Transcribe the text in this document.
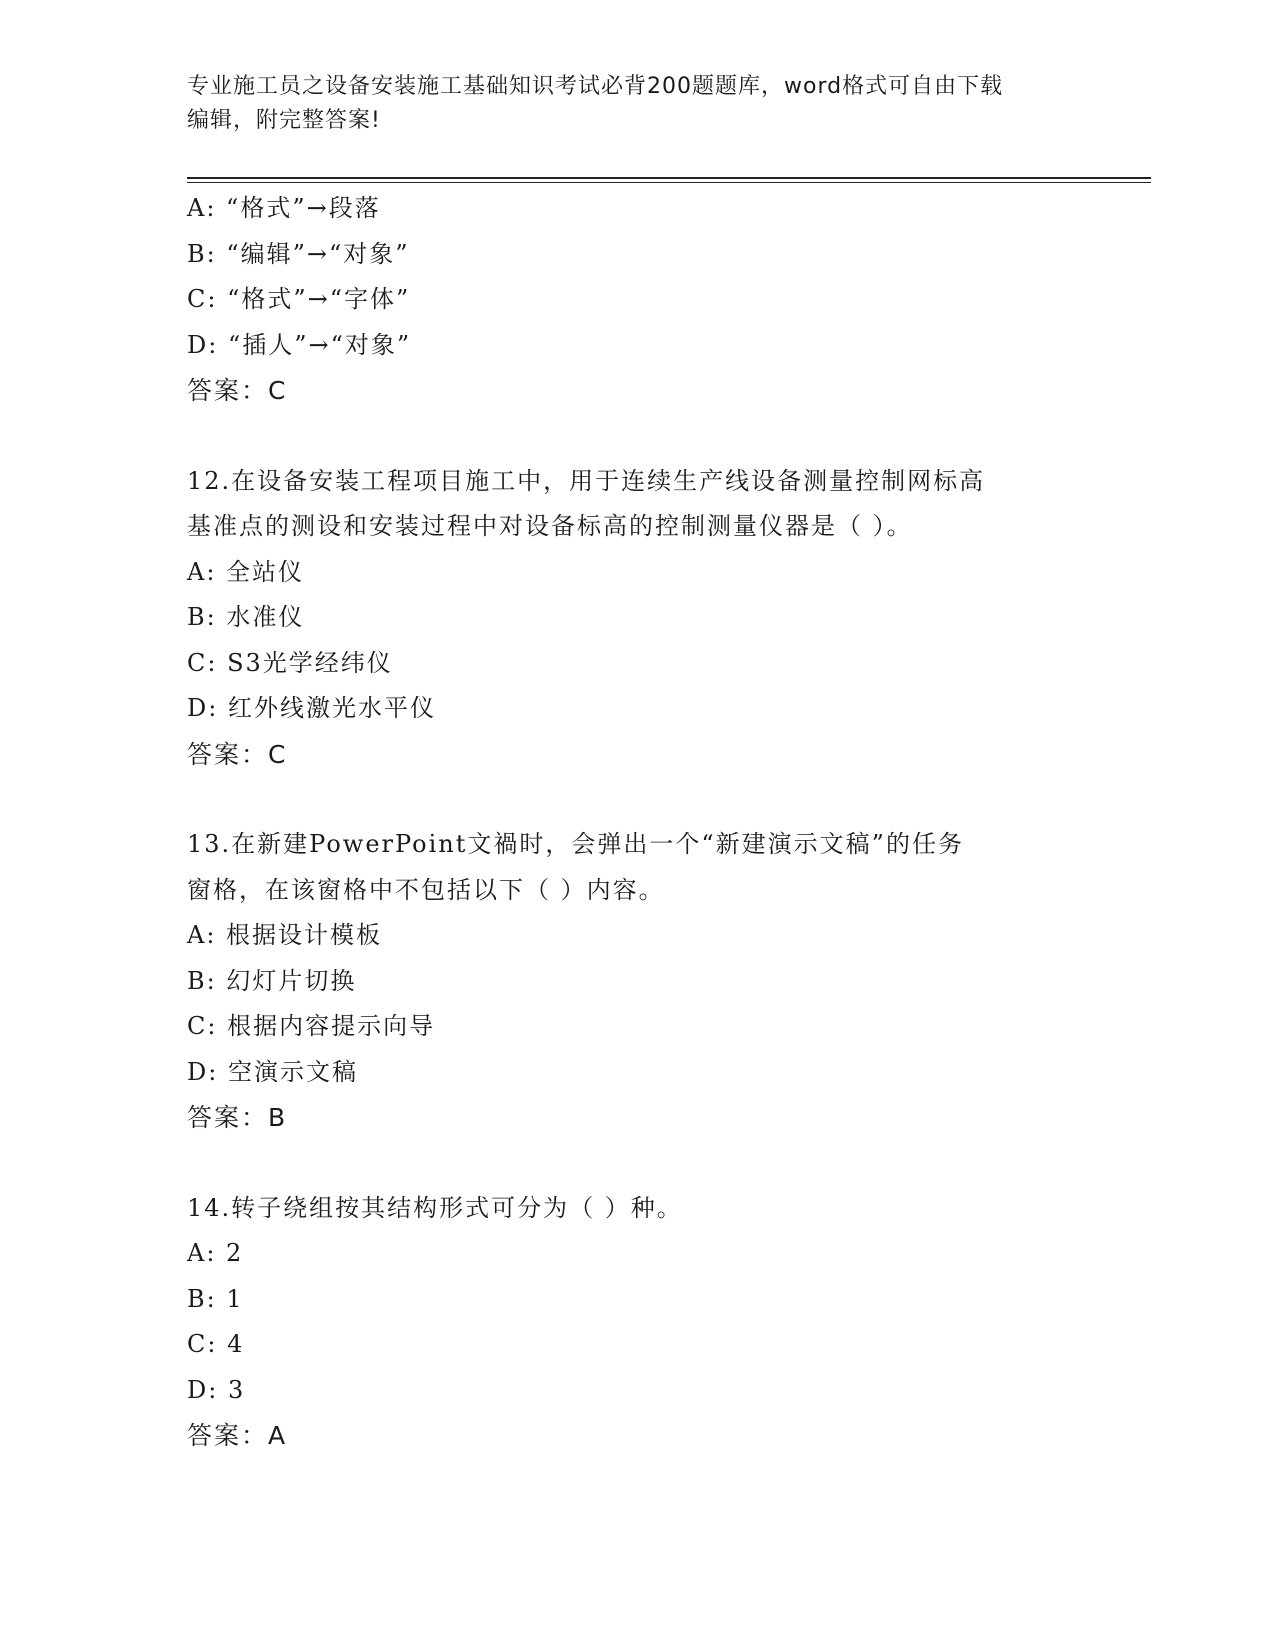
专业施工员之设备安装施工基础知识考试必背200题题库，word格式可自由下载
编辑，附完整答案!
A: “格式”→段落
B: “编辑”→“对象”
C: “格式”→“字体”
D: “插人”→“对象”
答案：C
12.在设备安装工程项目施工中，用于连续生产线设备测量控制网标高
基准点的测设和安装过程中对设备标高的控制测量仪器是（ ）。
A: 全站仪
B: 水准仪
C: S3光学经纬仪
D: 红外线激光水平仪
答案：C
13.在新建PowerPoint文禍时，会弹出一个“新建演示文稿”的任务
窗格，在该窗格中不包括以下（ ）内容。
A: 根据设计模板
B: 幻灯片切换
C: 根据内容提示向导
D: 空演示文稿
答案：B
14.转子绕组按其结构形式可分为（ ）种。
A: 2
B: 1
C: 4
D: 3
答案：A
